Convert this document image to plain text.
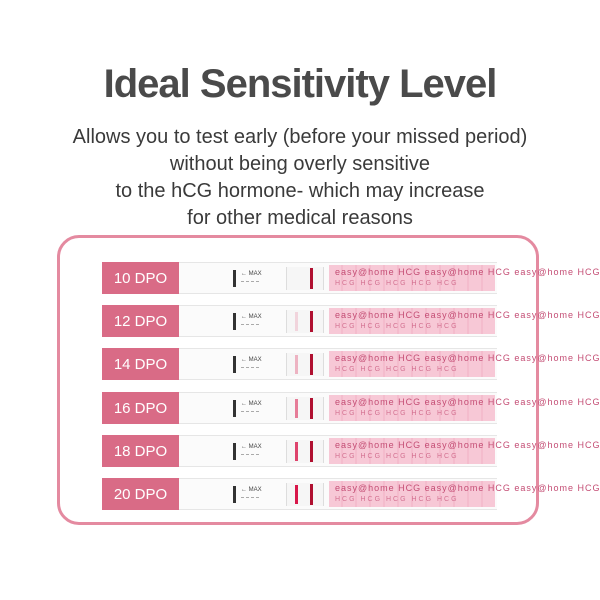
Ideal Sensitivity Level
Allows you to test early (before your missed period)
without being overly sensitive
to the hCG hormone- which may increase
for other medical reasons
10 DPO	← MAX	easy@home HCG easy@home HCG easy@home HCG
HCG HCG HCG HCG HCG
12 DPO	← MAX	easy@home HCG easy@home HCG easy@home HCG
HCG HCG HCG HCG HCG
14 DPO	← MAX	easy@home HCG easy@home HCG easy@home HCG
HCG HCG HCG HCG HCG
16 DPO	← MAX	easy@home HCG easy@home HCG easy@home HCG
HCG HCG HCG HCG HCG
18 DPO	← MAX	easy@home HCG easy@home HCG easy@home HCG
HCG HCG HCG HCG HCG
20 DPO	← MAX	easy@home HCG easy@home HCG easy@home HCG
HCG HCG HCG HCG HCG
